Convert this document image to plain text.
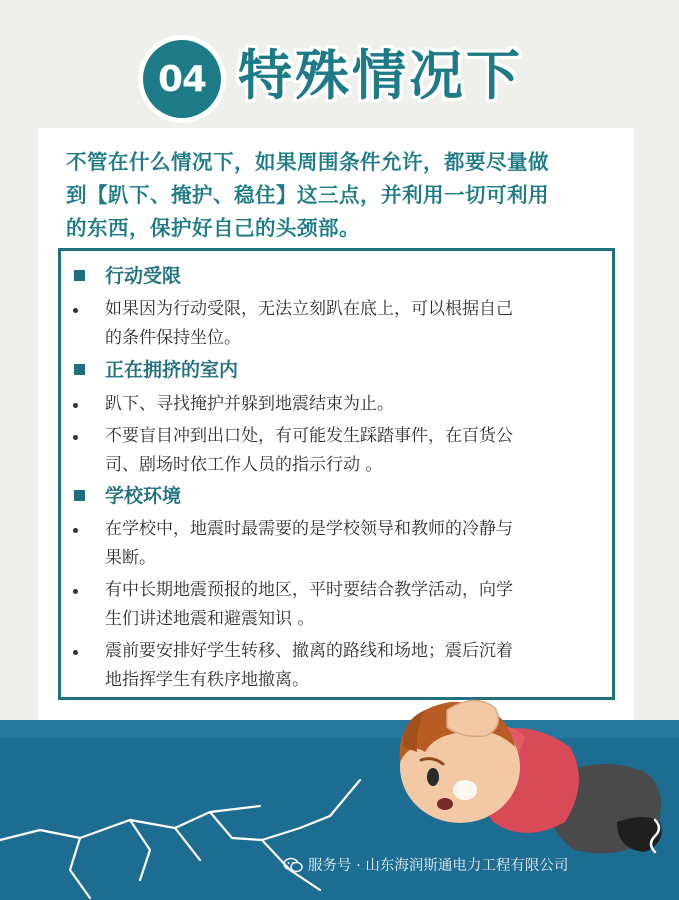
04 特殊情况下
不管在什么情况下，如果周围条件允许，都要尽量做
到【趴下、掩护、稳住】这三点，并利用一切可利用
的东西，保护好自己的头颈部。
行动受限
如果因为行动受限，无法立刻趴在底上，可以根据自己
的条件保持坐位。
正在拥挤的室内
趴下、寻找掩护并躲到地震结束为止。
不要盲目冲到出口处，有可能发生踩踏事件，在百货公
司、剧场时依工作人员的指示行动 。
学校环境
在学校中，地震时最需要的是学校领导和教师的冷静与
果断。
有中长期地震预报的地区，平时要结合教学活动，向学
生们讲述地震和避震知识 。
震前要安排好学生转移、撤离的路线和场地；震后沉着
地指挥学生有秩序地撤离。
服务号 · 山东海润斯通电力工程有限公司
